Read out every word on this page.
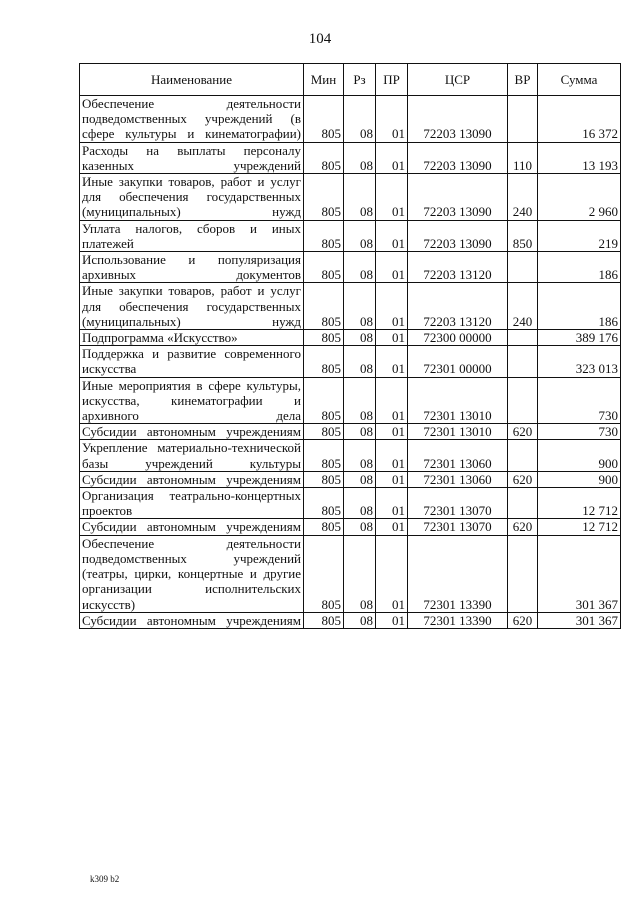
104
Наименование	Мин	Рз	ПР	ЦСР	ВР	Сумма
Обеспечение деятельности подведомственных учреждений (в сфере культуры и кинематографии)	805	08	01	72203 13090		16 372
Расходы на выплаты персоналу казенных учреждений	805	08	01	72203 13090	110	13 193
Иные закупки товаров, работ и услуг для обеспечения государственных (муниципальных) нужд	805	08	01	72203 13090	240	2 960
Уплата налогов, сборов и иных платежей	805	08	01	72203 13090	850	219
Использование и популяризация архивных документов	805	08	01	72203 13120		186
Иные закупки товаров, работ и услуг для обеспечения государственных (муниципальных) нужд	805	08	01	72203 13120	240	186
Подпрограмма «Искусство»	805	08	01	72300 00000		389 176
Поддержка и развитие современного искусства	805	08	01	72301 00000		323 013
Иные мероприятия в сфере культуры, искусства, кинематографии и архивного дела	805	08	01	72301 13010		730
Субсидии автономным учреждениям	805	08	01	72301 13010	620	730
Укрепление материально-технической базы учреждений культуры	805	08	01	72301 13060		900
Субсидии автономным учреждениям	805	08	01	72301 13060	620	900
Организация театрально-концертных проектов	805	08	01	72301 13070		12 712
Субсидии автономным учреждениям	805	08	01	72301 13070	620	12 712
Обеспечение деятельности подведомственных учреждений (театры, цирки, концертные и другие организации исполнительских искусств)	805	08	01	72301 13390		301 367
Субсидии автономным учреждениям	805	08	01	72301 13390	620	301 367
k309 b2
